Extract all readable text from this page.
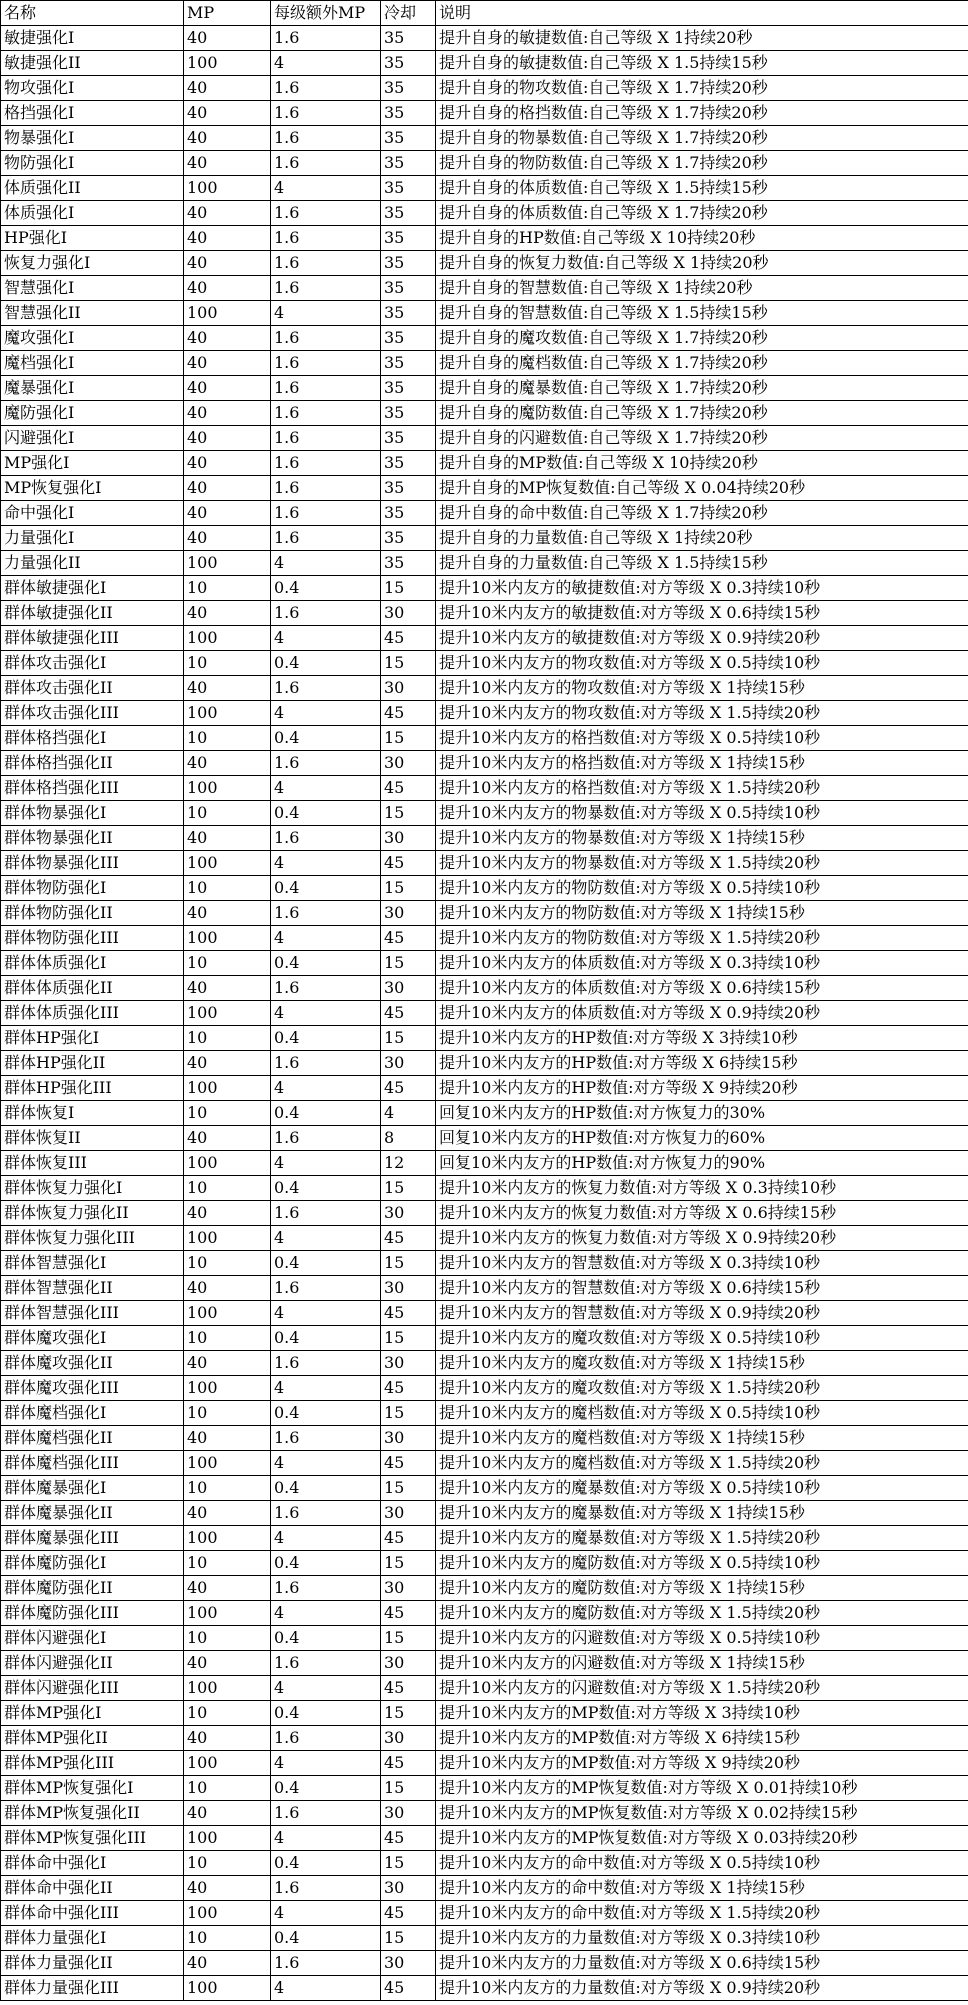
名称	MP	每级额外MP	冷却	说明
敏捷强化I	40	1.6	35	提升自身的敏捷数值:自己等级 X 1持续20秒
敏捷强化II	100	4	35	提升自身的敏捷数值:自己等级 X 1.5持续15秒
物攻强化I	40	1.6	35	提升自身的物攻数值:自己等级 X 1.7持续20秒
格挡强化I	40	1.6	35	提升自身的格挡数值:自己等级 X 1.7持续20秒
物暴强化I	40	1.6	35	提升自身的物暴数值:自己等级 X 1.7持续20秒
物防强化I	40	1.6	35	提升自身的物防数值:自己等级 X 1.7持续20秒
体质强化II	100	4	35	提升自身的体质数值:自己等级 X 1.5持续15秒
体质强化I	40	1.6	35	提升自身的体质数值:自己等级 X 1.7持续20秒
HP强化I	40	1.6	35	提升自身的HP数值:自己等级 X 10持续20秒
恢复力强化I	40	1.6	35	提升自身的恢复力数值:自己等级 X 1持续20秒
智慧强化I	40	1.6	35	提升自身的智慧数值:自己等级 X 1持续20秒
智慧强化II	100	4	35	提升自身的智慧数值:自己等级 X 1.5持续15秒
魔攻强化I	40	1.6	35	提升自身的魔攻数值:自己等级 X 1.7持续20秒
魔档强化I	40	1.6	35	提升自身的魔档数值:自己等级 X 1.7持续20秒
魔暴强化I	40	1.6	35	提升自身的魔暴数值:自己等级 X 1.7持续20秒
魔防强化I	40	1.6	35	提升自身的魔防数值:自己等级 X 1.7持续20秒
闪避强化I	40	1.6	35	提升自身的闪避数值:自己等级 X 1.7持续20秒
MP强化I	40	1.6	35	提升自身的MP数值:自己等级 X 10持续20秒
MP恢复强化I	40	1.6	35	提升自身的MP恢复数值:自己等级 X 0.04持续20秒
命中强化I	40	1.6	35	提升自身的命中数值:自己等级 X 1.7持续20秒
力量强化I	40	1.6	35	提升自身的力量数值:自己等级 X 1持续20秒
力量强化II	100	4	35	提升自身的力量数值:自己等级 X 1.5持续15秒
群体敏捷强化I	10	0.4	15	提升10米内友方的敏捷数值:对方等级 X 0.3持续10秒
群体敏捷强化II	40	1.6	30	提升10米内友方的敏捷数值:对方等级 X 0.6持续15秒
群体敏捷强化III	100	4	45	提升10米内友方的敏捷数值:对方等级 X 0.9持续20秒
群体攻击强化I	10	0.4	15	提升10米内友方的物攻数值:对方等级 X 0.5持续10秒
群体攻击强化II	40	1.6	30	提升10米内友方的物攻数值:对方等级 X 1持续15秒
群体攻击强化III	100	4	45	提升10米内友方的物攻数值:对方等级 X 1.5持续20秒
群体格挡强化I	10	0.4	15	提升10米内友方的格挡数值:对方等级 X 0.5持续10秒
群体格挡强化II	40	1.6	30	提升10米内友方的格挡数值:对方等级 X 1持续15秒
群体格挡强化III	100	4	45	提升10米内友方的格挡数值:对方等级 X 1.5持续20秒
群体物暴强化I	10	0.4	15	提升10米内友方的物暴数值:对方等级 X 0.5持续10秒
群体物暴强化II	40	1.6	30	提升10米内友方的物暴数值:对方等级 X 1持续15秒
群体物暴强化III	100	4	45	提升10米内友方的物暴数值:对方等级 X 1.5持续20秒
群体物防强化I	10	0.4	15	提升10米内友方的物防数值:对方等级 X 0.5持续10秒
群体物防强化II	40	1.6	30	提升10米内友方的物防数值:对方等级 X 1持续15秒
群体物防强化III	100	4	45	提升10米内友方的物防数值:对方等级 X 1.5持续20秒
群体体质强化I	10	0.4	15	提升10米内友方的体质数值:对方等级 X 0.3持续10秒
群体体质强化II	40	1.6	30	提升10米内友方的体质数值:对方等级 X 0.6持续15秒
群体体质强化III	100	4	45	提升10米内友方的体质数值:对方等级 X 0.9持续20秒
群体HP强化I	10	0.4	15	提升10米内友方的HP数值:对方等级 X 3持续10秒
群体HP强化II	40	1.6	30	提升10米内友方的HP数值:对方等级 X 6持续15秒
群体HP强化III	100	4	45	提升10米内友方的HP数值:对方等级 X 9持续20秒
群体恢复I	10	0.4	4	回复10米内友方的HP数值:对方恢复力的30%
群体恢复II	40	1.6	8	回复10米内友方的HP数值:对方恢复力的60%
群体恢复III	100	4	12	回复10米内友方的HP数值:对方恢复力的90%
群体恢复力强化I	10	0.4	15	提升10米内友方的恢复力数值:对方等级 X 0.3持续10秒
群体恢复力强化II	40	1.6	30	提升10米内友方的恢复力数值:对方等级 X 0.6持续15秒
群体恢复力强化III	100	4	45	提升10米内友方的恢复力数值:对方等级 X 0.9持续20秒
群体智慧强化I	10	0.4	15	提升10米内友方的智慧数值:对方等级 X 0.3持续10秒
群体智慧强化II	40	1.6	30	提升10米内友方的智慧数值:对方等级 X 0.6持续15秒
群体智慧强化III	100	4	45	提升10米内友方的智慧数值:对方等级 X 0.9持续20秒
群体魔攻强化I	10	0.4	15	提升10米内友方的魔攻数值:对方等级 X 0.5持续10秒
群体魔攻强化II	40	1.6	30	提升10米内友方的魔攻数值:对方等级 X 1持续15秒
群体魔攻强化III	100	4	45	提升10米内友方的魔攻数值:对方等级 X 1.5持续20秒
群体魔档强化I	10	0.4	15	提升10米内友方的魔档数值:对方等级 X 0.5持续10秒
群体魔档强化II	40	1.6	30	提升10米内友方的魔档数值:对方等级 X 1持续15秒
群体魔档强化III	100	4	45	提升10米内友方的魔档数值:对方等级 X 1.5持续20秒
群体魔暴强化I	10	0.4	15	提升10米内友方的魔暴数值:对方等级 X 0.5持续10秒
群体魔暴强化II	40	1.6	30	提升10米内友方的魔暴数值:对方等级 X 1持续15秒
群体魔暴强化III	100	4	45	提升10米内友方的魔暴数值:对方等级 X 1.5持续20秒
群体魔防强化I	10	0.4	15	提升10米内友方的魔防数值:对方等级 X 0.5持续10秒
群体魔防强化II	40	1.6	30	提升10米内友方的魔防数值:对方等级 X 1持续15秒
群体魔防强化III	100	4	45	提升10米内友方的魔防数值:对方等级 X 1.5持续20秒
群体闪避强化I	10	0.4	15	提升10米内友方的闪避数值:对方等级 X 0.5持续10秒
群体闪避强化II	40	1.6	30	提升10米内友方的闪避数值:对方等级 X 1持续15秒
群体闪避强化III	100	4	45	提升10米内友方的闪避数值:对方等级 X 1.5持续20秒
群体MP强化I	10	0.4	15	提升10米内友方的MP数值:对方等级 X 3持续10秒
群体MP强化II	40	1.6	30	提升10米内友方的MP数值:对方等级 X 6持续15秒
群体MP强化III	100	4	45	提升10米内友方的MP数值:对方等级 X 9持续20秒
群体MP恢复强化I	10	0.4	15	提升10米内友方的MP恢复数值:对方等级 X 0.01持续10秒
群体MP恢复强化II	40	1.6	30	提升10米内友方的MP恢复数值:对方等级 X 0.02持续15秒
群体MP恢复强化III	100	4	45	提升10米内友方的MP恢复数值:对方等级 X 0.03持续20秒
群体命中强化I	10	0.4	15	提升10米内友方的命中数值:对方等级 X 0.5持续10秒
群体命中强化II	40	1.6	30	提升10米内友方的命中数值:对方等级 X 1持续15秒
群体命中强化III	100	4	45	提升10米内友方的命中数值:对方等级 X 1.5持续20秒
群体力量强化I	10	0.4	15	提升10米内友方的力量数值:对方等级 X 0.3持续10秒
群体力量强化II	40	1.6	30	提升10米内友方的力量数值:对方等级 X 0.6持续15秒
群体力量强化III	100	4	45	提升10米内友方的力量数值:对方等级 X 0.9持续20秒
